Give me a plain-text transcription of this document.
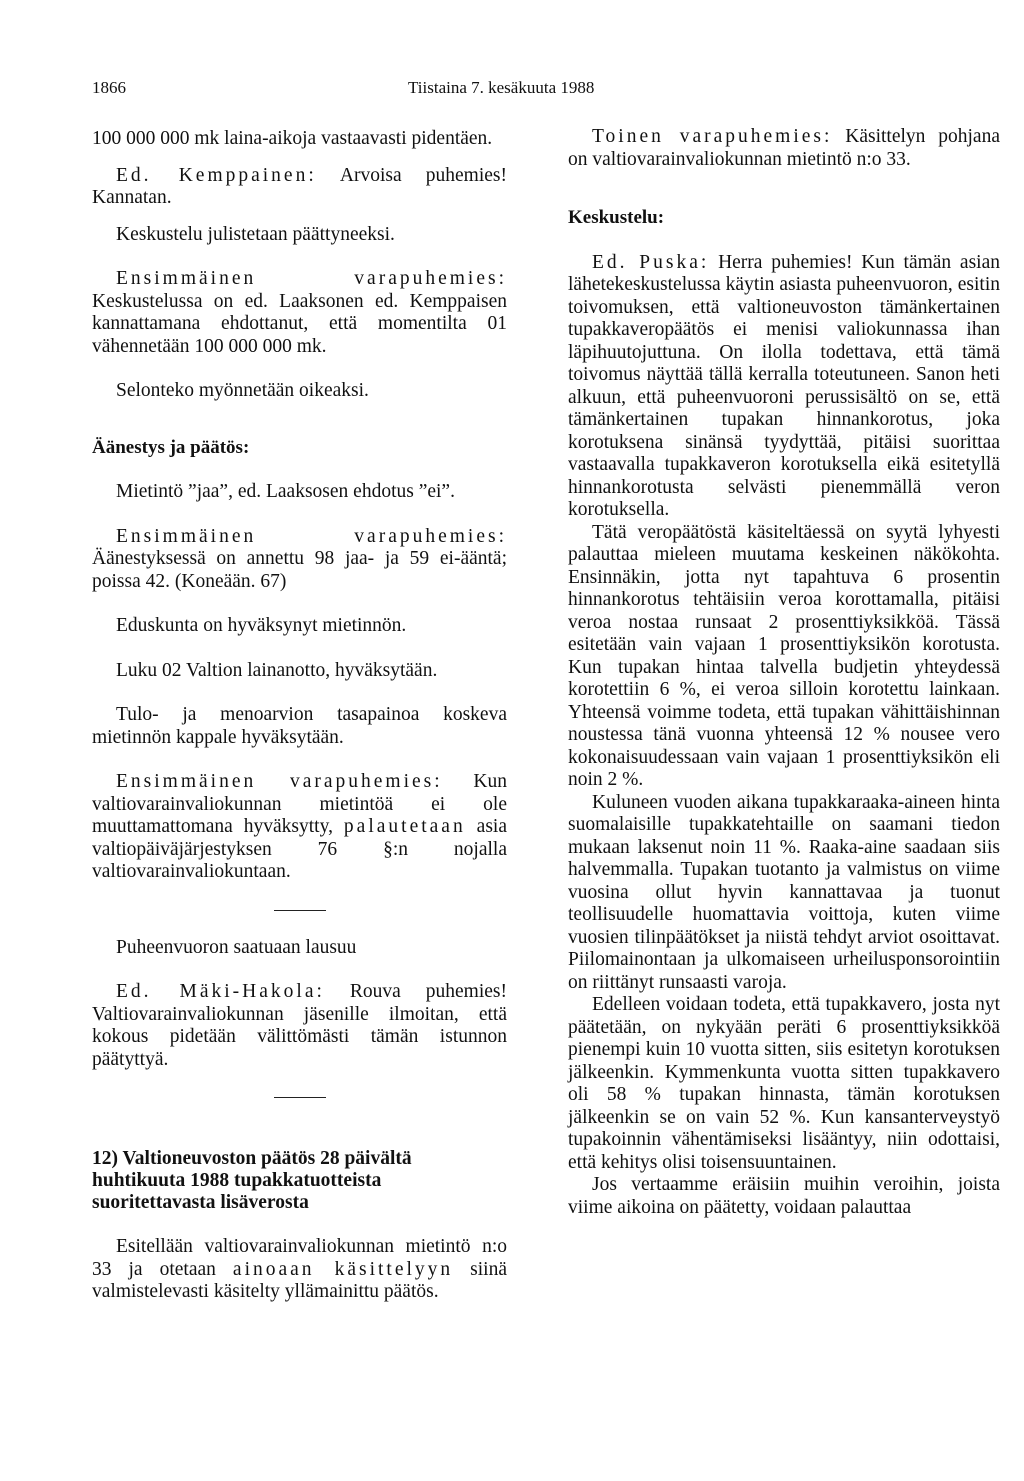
1866	Tiistaina 7. kesäkuuta 1988

100 000 000 mk laina-aikoja vastaavasti pidentäen.

Ed. Kemppainen: Arvoisa puhemies! Kannatan.

Keskustelu julistetaan päättyneeksi.

Ensimmäinen varapuhemies: Keskustelussa on ed. Laaksonen ed. Kemppaisen kannattamana ehdottanut, että momentilta 01 vähennetään 100 000 000 mk.

Selonteko myönnetään oikeaksi.

Äänestys ja päätös:

Mietintö ”jaa”, ed. Laaksosen ehdotus ”ei”.

Ensimmäinen varapuhemies: Äänestyksessä on annettu 98 jaa- ja 59 ei-ääntä; poissa 42. (Koneään. 67)

Eduskunta on hyväksynyt mietinnön.

Luku 02 Valtion lainanotto, hyväksytään.

Tulo- ja menoarvion tasapainoa koskeva mietinnön kappale hyväksytään.

Ensimmäinen varapuhemies: Kun valtiovarainvaliokunnan mietintöä ei ole muuttamattomana hyväksytty, palautetaan asia valtiopäiväjärjestyksen 76 §:n nojalla valtiovarainvaliokuntaan.

Puheenvuoron saatuaan lausuu

Ed. Mäki-Hakola: Rouva puhemies! Valtiovarainvaliokunnan jäsenille ilmoitan, että kokous pidetään välittömästi tämän istunnon päätyttyä.

12) Valtioneuvoston päätös 28 päivältä huhtikuuta 1988 tupakkatuotteista suoritettavasta lisäverosta

Esitellään valtiovarainvaliokunnan mietintö n:o 33 ja otetaan ainoaan käsittelyyn siinä valmistelevasti käsitelty yllämainittu päätös.

Toinen varapuhemies: Käsittelyn pohjana on valtiovarainvaliokunnan mietintö n:o 33.

Keskustelu:

Ed. Puska: Herra puhemies! Kun tämän asian lähetekeskustelussa käytin asiasta puheenvuoron, esitin toivomuksen, että valtioneuvoston tämänkertainen tupakkaveropäätös ei menisi valiokunnassa ihan läpihuutojuttuna. On ilolla todettava, että tämä toivomus näyttää tällä kerralla toteutuneen. Sanon heti alkuun, että puheenvuoroni perussisältö on se, että tämänkertainen tupakan hinnankorotus, joka korotuksena sinänsä tyydyttää, pitäisi suorittaa vastaavalla tupakkaveron korotuksella eikä esitetyllä hinnankorotusta selvästi pienemmällä veron korotuksella.

Tätä veropäätöstä käsiteltäessä on syytä lyhyesti palauttaa mieleen muutama keskeinen näkökohta. Ensinnäkin, jotta nyt tapahtuva 6 prosentin hinnankorotus tehtäisiin veroa korottamalla, pitäisi veroa nostaa runsaat 2 prosenttiyksikköä. Tässä esitetään vain vajaan 1 prosenttiyksikön korotusta. Kun tupakan hintaa talvella budjetin yhteydessä korotettiin 6 %, ei veroa silloin korotettu lainkaan. Yhteensä voimme todeta, että tupakan vähittäishinnan noustessa tänä vuonna yhteensä 12 % nousee vero kokonaisuudessaan vain vajaan 1 prosenttiyksikön eli noin 2 %.

Kuluneen vuoden aikana tupakkaraaka-aineen hinta suomalaisille tupakkatehtaille on saamani tiedon mukaan laksenut noin 11 %. Raaka-aine saadaan siis halvemmalla. Tupakan tuotanto ja valmistus on viime vuosina ollut hyvin kannattavaa ja tuonut teollisuudelle huomattavia voittoja, kuten viime vuosien tilinpäätökset ja niistä tehdyt arviot osoittavat. Piilomainontaan ja ulkomaiseen urheilusponsorointiin on riittänyt runsaasti varoja.

Edelleen voidaan todeta, että tupakkavero, josta nyt päätetään, on nykyään peräti 6 prosenttiyksikköä pienempi kuin 10 vuotta sitten, siis esitetyn korotuksen jälkeenkin. Kymmenkunta vuotta sitten tupakkavero oli 58 % tupakan hinnasta, tämän korotuksen jälkeenkin se on vain 52 %. Kun kansanterveystyö tupakoinnin vähentämiseksi lisääntyy, niin odottaisi, että kehitys olisi toisensuuntainen.

Jos vertaamme eräisiin muihin veroihin, joista viime aikoina on päätetty, voidaan palauttaa
